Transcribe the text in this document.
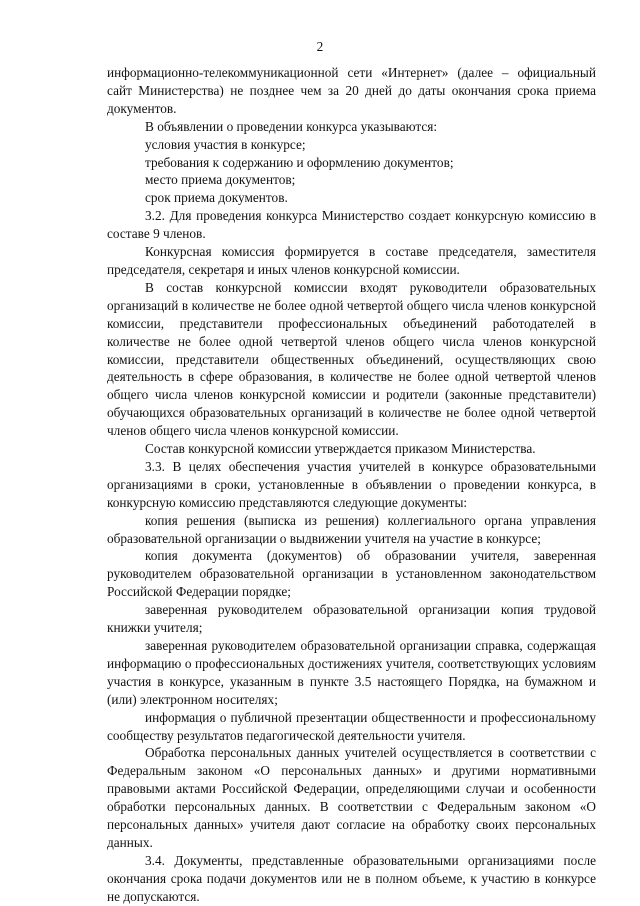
2

информационно-телекоммуникационной сети «Интернет» (далее – официальный сайт Министерства) не позднее чем за 20 дней до даты окончания срока приема документов.

В объявлении о проведении конкурса указываются:

условия участия в конкурсе;

требования к содержанию и оформлению документов;

место приема документов;

срок приема документов.

3.2. Для проведения конкурса Министерство создает конкурсную комиссию в составе 9 членов.

Конкурсная комиссия формируется в составе председателя, заместителя председателя, секретаря и иных членов конкурсной комиссии.

В состав конкурсной комиссии входят руководители образовательных организаций в количестве не более одной четвертой общего числа членов конкурсной комиссии, представители профессиональных объединений работодателей в количестве не более одной четвертой членов общего числа членов конкурсной комиссии, представители общественных объединений, осуществляющих свою деятельность в сфере образования, в количестве не более одной четвертой членов общего числа членов конкурсной комиссии и родители (законные представители) обучающихся образовательных организаций в количестве не более одной четвертой членов общего числа членов конкурсной комиссии.

Состав конкурсной комиссии утверждается приказом Министерства.

3.3. В целях обеспечения участия учителей в конкурсе образовательными организациями в сроки, установленные в объявлении о проведении конкурса, в конкурсную комиссию представляются следующие документы:

копия решения (выписка из решения) коллегиального органа управления образовательной организации о выдвижении учителя на участие в конкурсе;

копия документа (документов) об образовании учителя, заверенная руководителем образовательной организации в установленном законодательством Российской Федерации порядке;

заверенная руководителем образовательной организации копия трудовой книжки учителя;

заверенная руководителем образовательной организации справка, содержащая информацию о профессиональных достижениях учителя, соответствующих условиям участия в конкурсе, указанным в пункте 3.5 настоящего Порядка, на бумажном и (или) электронном носителях;

информация о публичной презентации общественности и профессиональному сообществу результатов педагогической деятельности учителя.

Обработка персональных данных учителей осуществляется в соответствии с Федеральным законом «О персональных данных» и другими нормативными правовыми актами Российской Федерации, определяющими случаи и особенности обработки персональных данных. В соответствии с Федеральным законом «О персональных данных» учителя дают согласие на обработку своих персональных данных.

3.4. Документы, представленные образовательными организациями после окончания срока подачи документов или не в полном объеме, к участию в конкурсе не допускаются.
